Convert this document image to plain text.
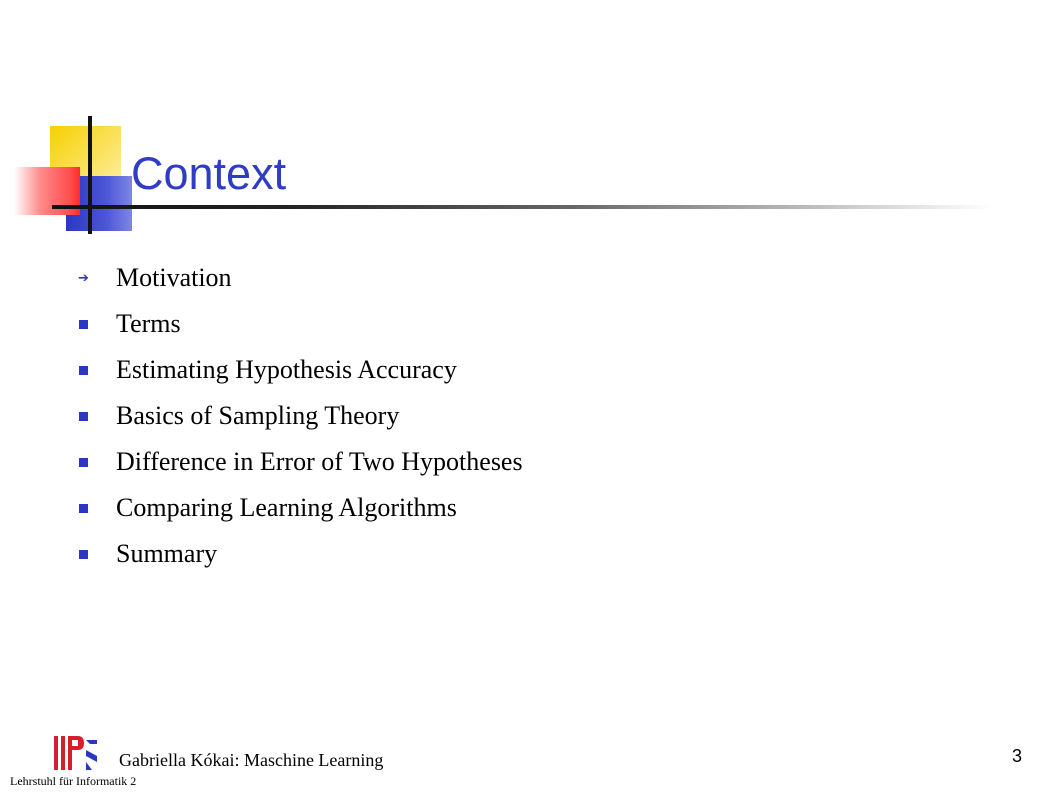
Context
➔ Motivation
Terms
Estimating Hypothesis Accuracy
Basics of Sampling Theory
Difference in Error of Two Hypotheses
Comparing Learning Algorithms
Summary
Gabriella Kókai: Maschine Learning
Lehrstuhl für Informatik 2
3
